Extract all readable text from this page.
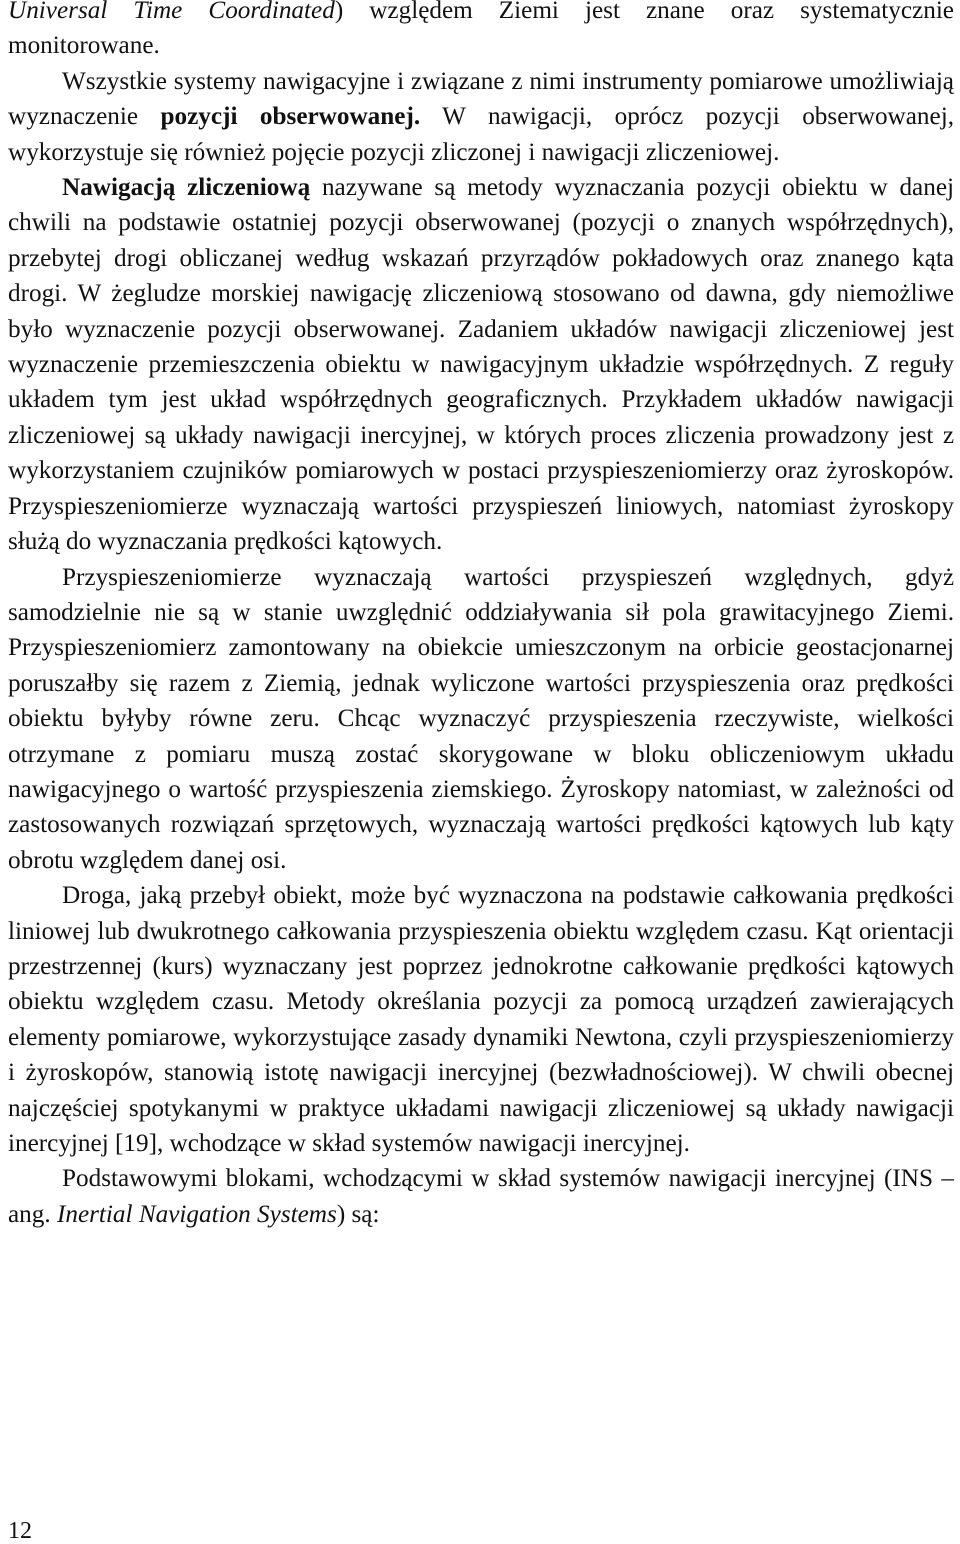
Universal Time Coordinated) względem Ziemi jest znane oraz systematycznie monitorowane.
Wszystkie systemy nawigacyjne i związane z nimi instrumenty pomiarowe umożliwiają wyznaczenie pozycji obserwowanej. W nawigacji, oprócz pozycji obserwowanej, wykorzystuje się również pojęcie pozycji zliczonej i nawigacji zliczeniowej.
Nawigacją zliczeniową nazywane są metody wyznaczania pozycji obiektu w danej chwili na podstawie ostatniej pozycji obserwowanej (pozycji o znanych współrzędnych), przebytej drogi obliczanej według wskazań przyrządów pokładowych oraz znanego kąta drogi. W żegludze morskiej nawigację zliczeniową stosowano od dawna, gdy niemożliwe było wyznaczenie pozycji obserwowanej. Zadaniem układów nawigacji zliczeniowej jest wyznaczenie przemieszczenia obiektu w nawigacyjnym układzie współrzędnych. Z reguły układem tym jest układ współrzędnych geograficznych. Przykładem układów nawigacji zliczeniowej są układy nawigacji inercyjnej, w których proces zliczenia prowadzony jest z wykorzystaniem czujników pomiarowych w postaci przyspieszeniomierzy oraz żyroskopów. Przyspieszeniomierze wyznaczają wartości przyspieszeń liniowych, natomiast żyroskopy służą do wyznaczania prędkości kątowych.
Przyspieszeniomierze wyznaczają wartości przyspieszeń względnych, gdyż samodzielnie nie są w stanie uwzględnić oddziaływania sił pola grawitacyjnego Ziemi. Przyspieszeniomierz zamontowany na obiekcie umieszczonym na orbicie geostacjonarnej poruszałby się razem z Ziemią, jednak wyliczone wartości przyspieszenia oraz prędkości obiektu byłyby równe zeru. Chcąc wyznaczyć przyspieszenia rzeczywiste, wielkości otrzymane z pomiaru muszą zostać skorygowane w bloku obliczeniowym układu nawigacyjnego o wartość przyspieszenia ziemskiego. Żyroskopy natomiast, w zależności od zastosowanych rozwiązań sprzętowych, wyznaczają wartości prędkości kątowych lub kąty obrotu względem danej osi.
Droga, jaką przebył obiekt, może być wyznaczona na podstawie całkowania prędkości liniowej lub dwukrotnego całkowania przyspieszenia obiektu względem czasu. Kąt orientacji przestrzennej (kurs) wyznaczany jest poprzez jednokrotne całkowanie prędkości kątowych obiektu względem czasu. Metody określania pozycji za pomocą urządzeń zawierających elementy pomiarowe, wykorzystujące zasady dynamiki Newtona, czyli przyspieszeniomierzy i żyroskopów, stanowią istotę nawigacji inercyjnej (bezwładnościowej). W chwili obecnej najczęściej spotykanymi w praktyce układami nawigacji zliczeniowej są układy nawigacji inercyjnej [19], wchodzące w skład systemów nawigacji inercyjnej.
Podstawowymi blokami, wchodzącymi w skład systemów nawigacji inercyjnej (INS – ang. Inertial Navigation Systems) są:
12
